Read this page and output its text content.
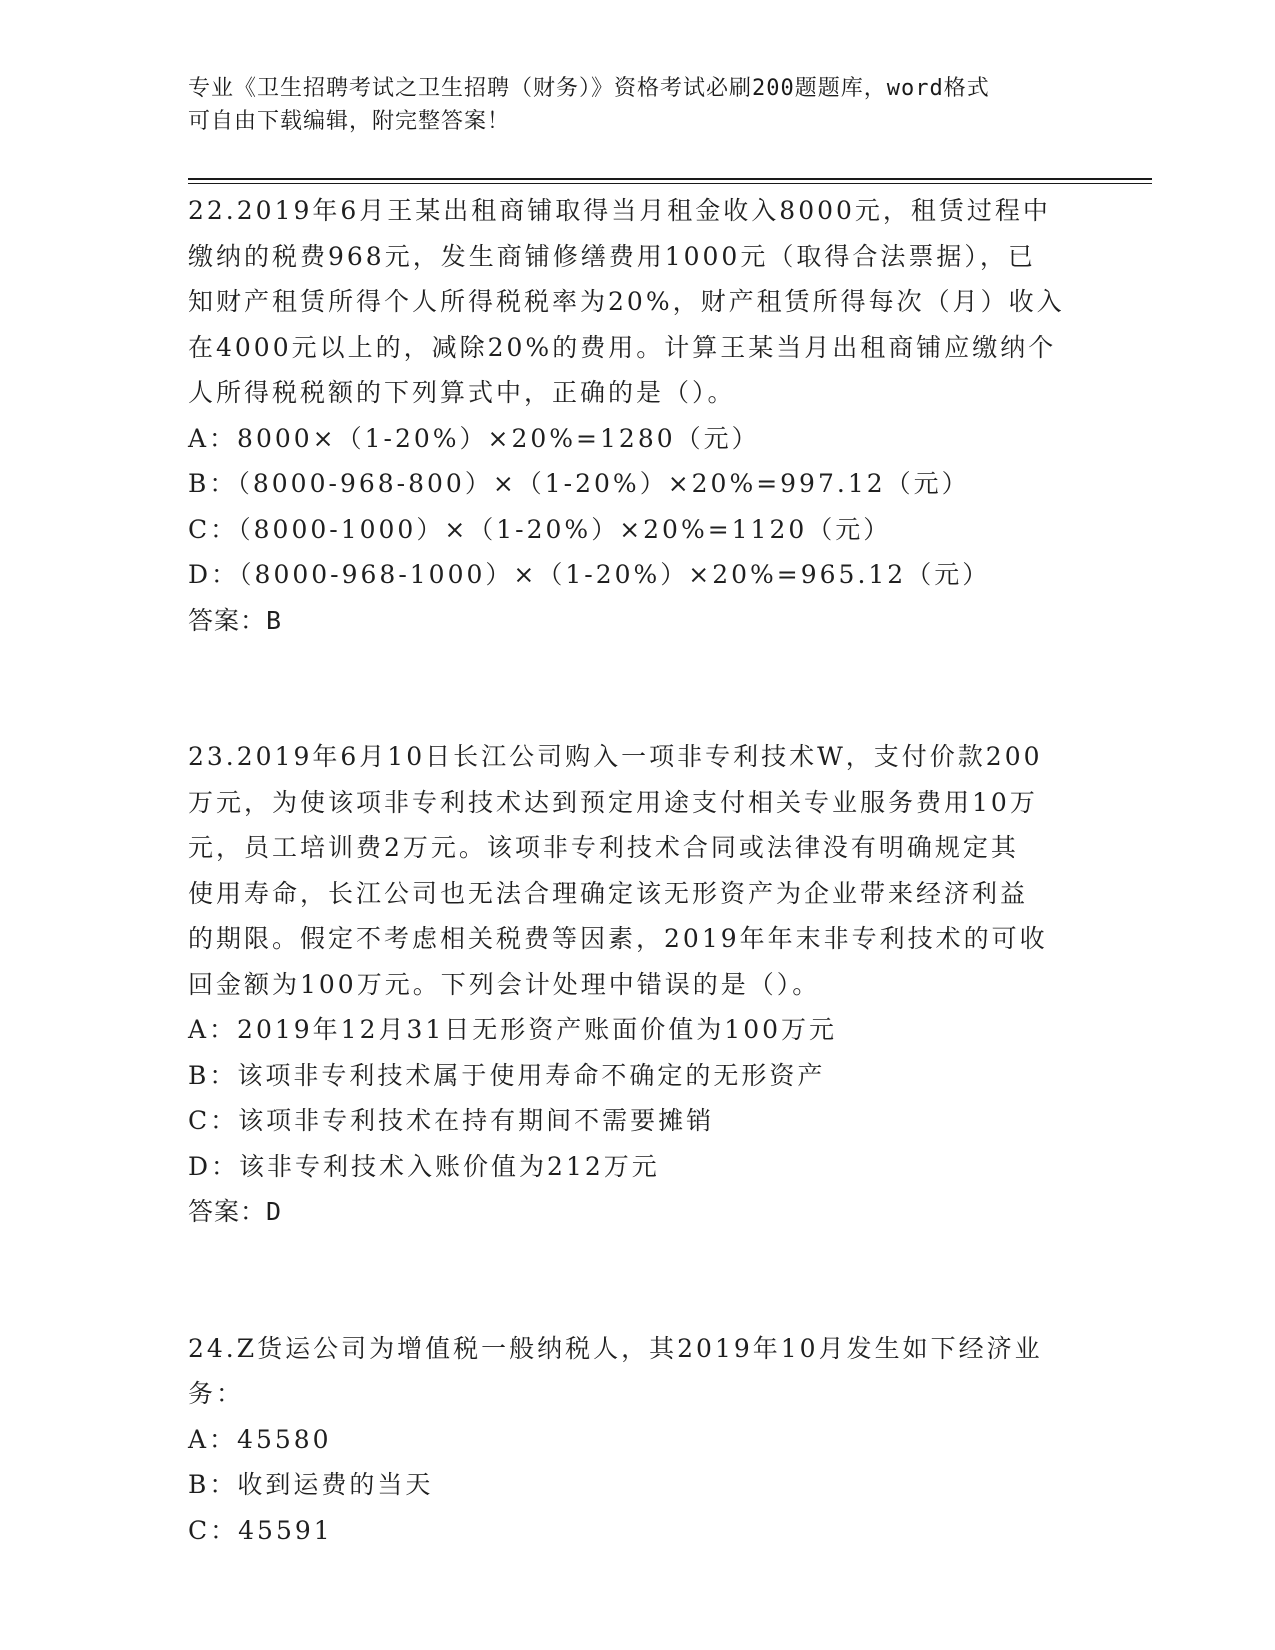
专业《卫生招聘考试之卫生招聘（财务）》资格考试必刷200题题库，word格式
可自由下载编辑，附完整答案！
22.2019年6月王某出租商铺取得当月租金收入8000元，租赁过程中
缴纳的税费968元，发生商铺修缮费用1000元（取得合法票据），已
知财产租赁所得个人所得税税率为20%，财产租赁所得每次（月）收入
在4000元以上的，减除20%的费用。计算王某当月出租商铺应缴纳个
人所得税税额的下列算式中，正确的是（）。
A：8000×（1-20%）×20%=1280（元）
B：（8000-968-800）×（1-20%）×20%=997.12（元）
C：（8000-1000）×（1-20%）×20%=1120（元）
D：（8000-968-1000）×（1-20%）×20%=965.12（元）
答案：B
23.2019年6月10日长江公司购入一项非专利技术W，支付价款200
万元，为使该项非专利技术达到预定用途支付相关专业服务费用10万
元，员工培训费2万元。该项非专利技术合同或法律没有明确规定其
使用寿命，长江公司也无法合理确定该无形资产为企业带来经济利益
的期限。假定不考虑相关税费等因素，2019年年末非专利技术的可收
回金额为100万元。下列会计处理中错误的是（）。
A：2019年12月31日无形资产账面价值为100万元
B：该项非专利技术属于使用寿命不确定的无形资产
C：该项非专利技术在持有期间不需要摊销
D：该非专利技术入账价值为212万元
答案：D
24.Z货运公司为增值税一般纳税人，其2019年10月发生如下经济业
务：
A：45580
B：收到运费的当天
C：45591
